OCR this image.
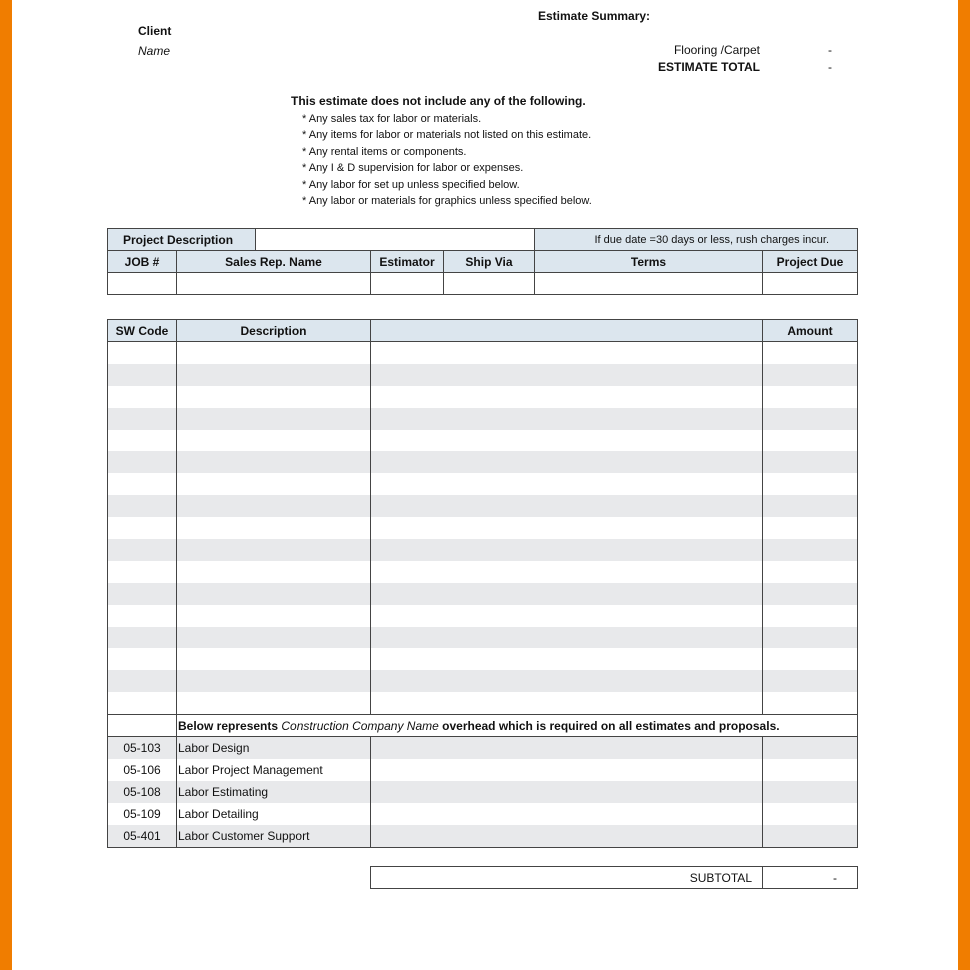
Client
Name
Estimate Summary:
Flooring /Carpet	-
ESTIMATE TOTAL	-
This estimate does not include any of the following.
* Any sales tax for labor or materials.
* Any items for labor or materials not listed on this estimate.
* Any rental items or components.
* Any I & D supervision for labor or expenses.
* Any labor for set up unless specified below.
* Any labor or materials for graphics unless specified below.
Project Description					If due date =30 days or less, rush charges incur.	
JOB #	Sales Rep. Name		Estimator	Ship Via	Terms	Project Due

SW Code	Description		Amount

	Below represents Construction Company Name overhead which is required on all estimates and proposals.		
05-103	Labor Design		
05-106	Labor Project Management		
05-108	Labor Estimating		
05-109	Labor Detailing		
05-401	Labor Customer Support		
SUBTOTAL	-
